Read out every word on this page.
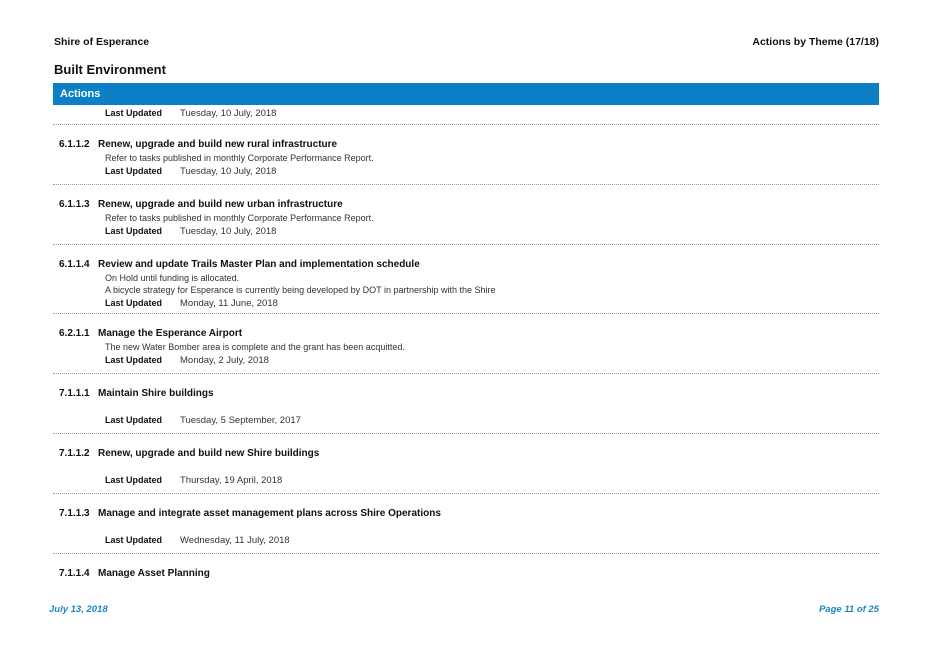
Shire of Esperance	Actions by Theme (17/18)
Built Environment
Actions
Last Updated	Tuesday, 10 July, 2018
6.1.1.2 Renew, upgrade and build new rural infrastructure
Refer to tasks published in monthly Corporate Performance Report.
Last Updated	Tuesday, 10 July, 2018
6.1.1.3 Renew, upgrade and build new urban infrastructure
Refer to tasks published in monthly Corporate Performance Report.
Last Updated	Tuesday, 10 July, 2018
6.1.1.4 Review and update Trails Master Plan and implementation schedule
On Hold until funding is allocated.
A bicycle strategy for Esperance is currently being developed by DOT in partnership with the Shire
Last Updated	Monday, 11 June, 2018
6.2.1.1 Manage the Esperance Airport
The new Water Bomber area is complete and the grant has been acquitted.
Last Updated	Monday, 2 July, 2018
7.1.1.1 Maintain Shire buildings
Last Updated	Tuesday, 5 September, 2017
7.1.1.2 Renew, upgrade and build new Shire buildings
Last Updated	Thursday, 19 April, 2018
7.1.1.3 Manage and integrate asset management plans across Shire Operations
Last Updated	Wednesday, 11 July, 2018
7.1.1.4 Manage Asset Planning
July 13, 2018	Page 11 of 25
